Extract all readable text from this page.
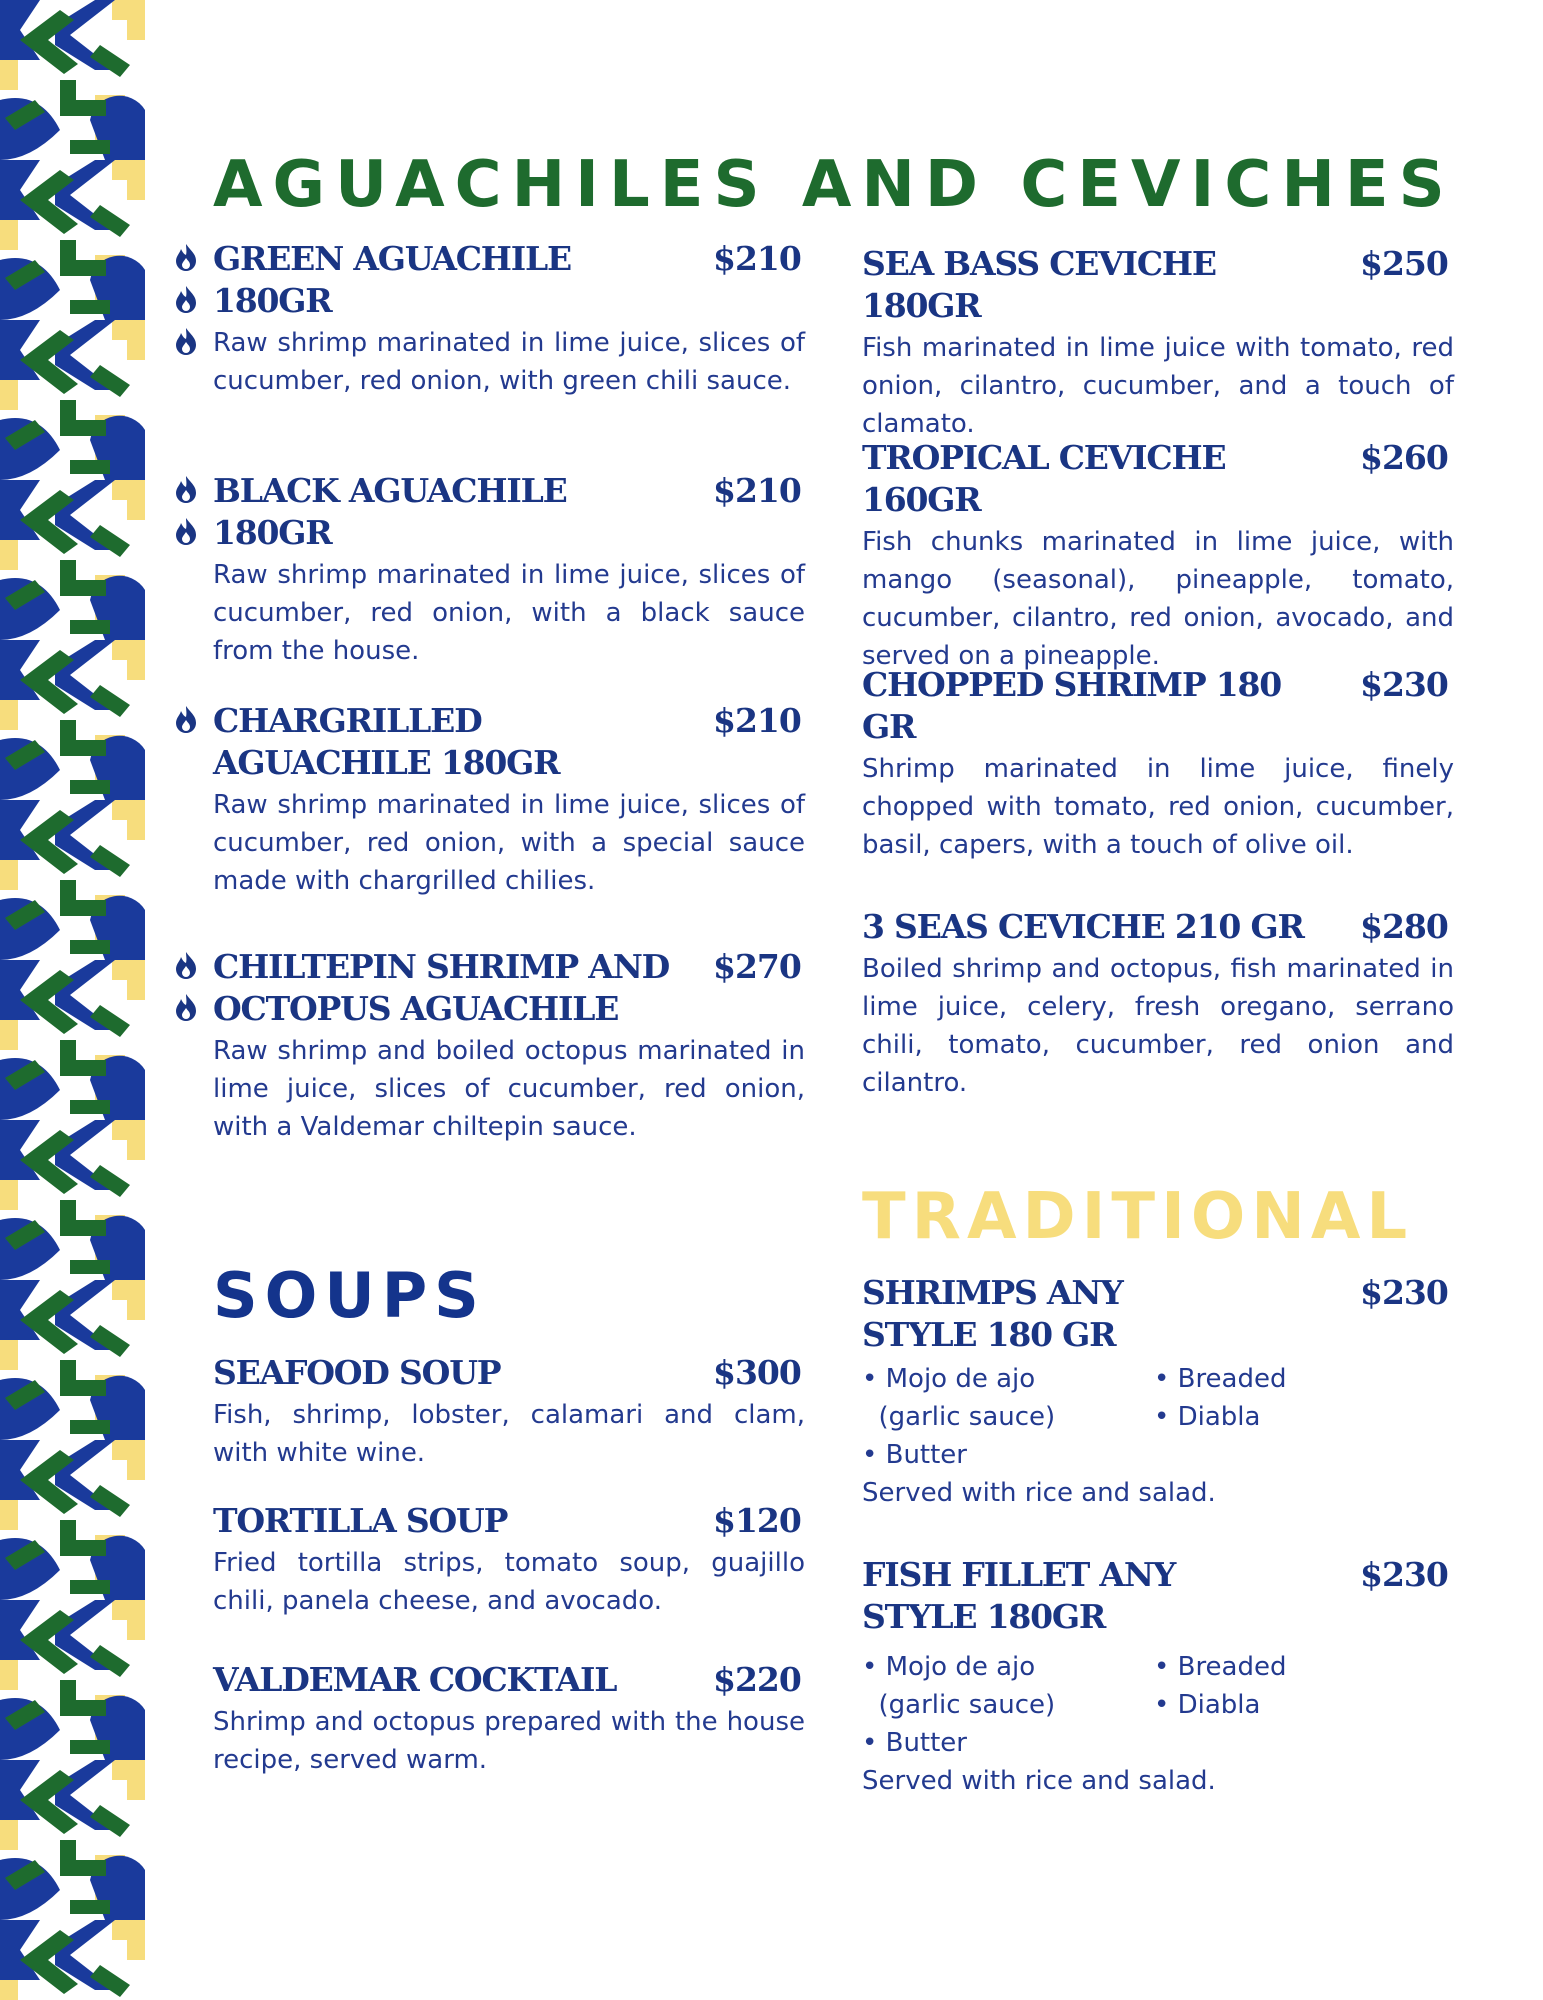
AGUACHILES AND CEVICHES
SOUPS
TRADITIONAL
GREEN AGUACHILE 180GR
$210
Raw shrimp marinated in lime juice, slices of cucumber, red onion, with green chili sauce.
BLACK AGUACHILE 180GR
$210
Raw shrimp marinated in lime juice, slices of cucumber, red onion, with a black sauce from the house.
CHARGRILLED AGUACHILE 180GR
$210
Raw shrimp marinated in lime juice, slices of cucumber, red onion, with a special sauce made with chargrilled chilies.
CHILTEPIN SHRIMP AND OCTOPUS AGUACHILE
$270
Raw shrimp and boiled octopus marinated in lime juice, slices of cucumber, red onion, with a Valdemar chiltepin sauce.
SEAFOOD SOUP	$300
Fish, shrimp, lobster, calamari and clam, with white wine.
TORTILLA SOUP	$120
Fried tortilla strips, tomato soup, guajillo chili, panela cheese, and avocado.
VALDEMAR COCKTAIL	$220
Shrimp and octopus prepared with the house recipe, served warm.
SEA BASS CEVICHE 180GR
$250
Fish marinated in lime juice with tomato, red onion, cilantro, cucumber, and a touch of clamato.
TROPICAL CEVICHE 160GR
$260
Fish chunks marinated in lime juice, with mango (seasonal), pineapple, tomato, cucumber, cilantro, red onion, avocado, and served on a pineapple.
CHOPPED SHRIMP 180 GR
$230
Shrimp marinated in lime juice, finely chopped with tomato, red onion, cucumber, basil, capers, with a touch of olive oil.
3 SEAS CEVICHE 210 GR	$280
Boiled shrimp and octopus, fish marinated in lime juice, celery, fresh oregano, serrano chili, tomato, cucumber, red onion and cilantro.
SHRIMPS ANY STYLE 180 GR
$230
• Mojo de ajo	• Breaded
(garlic sauce)	• Diabla
• Butter
Served with rice and salad.
FISH FILLET ANY STYLE 180GR
$230
• Mojo de ajo	• Breaded
(garlic sauce)	• Diabla
• Butter
Served with rice and salad.
